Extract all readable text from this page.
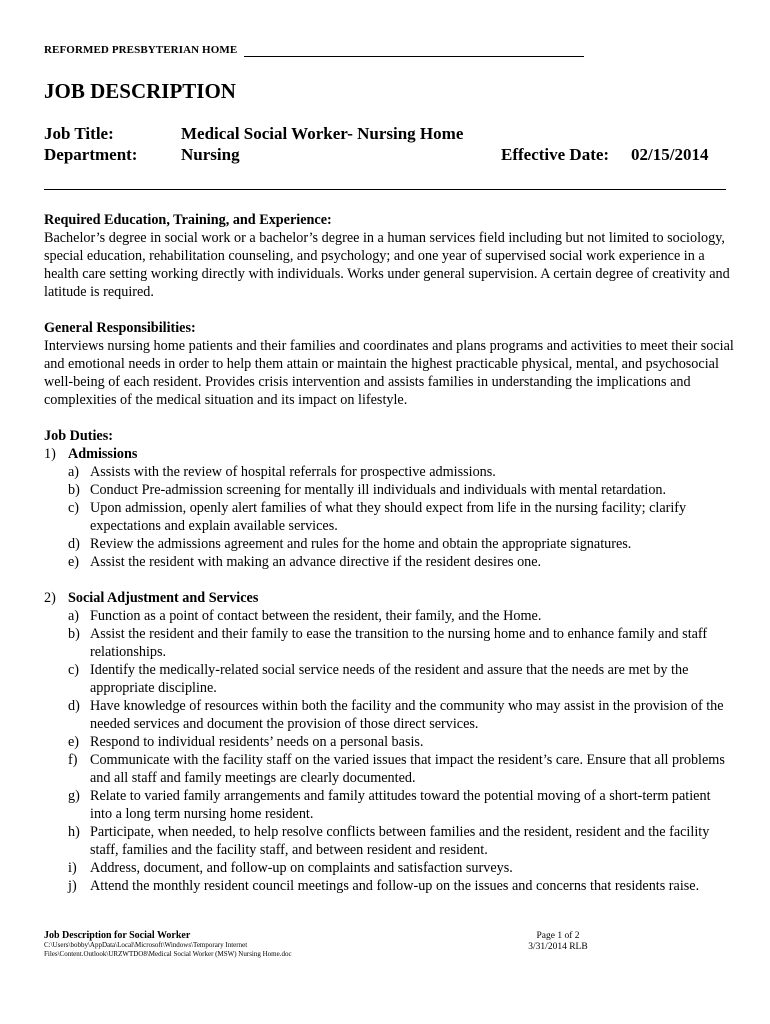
REFORMED PRESBYTERIAN HOME
JOB DESCRIPTION
Job Title:	Medical Social Worker- Nursing Home
Department:	Nursing	Effective Date: 02/15/2014
Required Education, Training, and Experience:

Bachelor’s degree in social work or a bachelor’s degree in a human services field including but not limited to sociology, special education, rehabilitation counseling, and psychology; and one year of supervised social work experience in a health care setting working directly with individuals. Works under general supervision. A certain degree of creativity and latitude is required.

General Responsibilities:

Interviews nursing home patients and their families and coordinates and plans programs and activities to meet their social and emotional needs in order to help them attain or maintain the highest practicable physical, mental, and psychosocial well-being of each resident. Provides crisis intervention and assists families in understanding the implications and complexities of the medical situation and its impact on lifestyle.

Job Duties:
1) Admissions
a) Assists with the review of hospital referrals for prospective admissions.
b) Conduct Pre-admission screening for mentally ill individuals and individuals with mental retardation.
c) Upon admission, openly alert families of what they should expect from life in the nursing facility; clarify expectations and explain available services.
d) Review the admissions agreement and rules for the home and obtain the appropriate signatures.
e) Assist the resident with making an advance directive if the resident desires one.
2) Social Adjustment and Services
a) Function as a point of contact between the resident, their family, and the Home.
b) Assist the resident and their family to ease the transition to the nursing home and to enhance family and staff relationships.
c) Identify the medically-related social service needs of the resident and assure that the needs are met by the appropriate discipline.
d) Have knowledge of resources within both the facility and the community who may assist in the provision of the needed services and document the provision of those direct services.
e) Respond to individual residents’ needs on a personal basis.
f) Communicate with the facility staff on the varied issues that impact the resident’s care. Ensure that all problems and all staff and family meetings are clearly documented.
g) Relate to varied family arrangements and family attitudes toward the potential moving of a short-term patient into a long term nursing home resident.
h) Participate, when needed, to help resolve conflicts between families and the resident, resident and the facility staff, families and the facility staff, and between resident and resident.
i) Address, document, and follow-up on complaints and satisfaction surveys.
j) Attend the monthly resident council meetings and follow-up on the issues and concerns that residents raise.
Job Description for Social Worker
C:\Users\bobby\AppData\Local\Microsoft\Windows\Temporary Internet
Files\Content.Outlook\URZWTDO8\Medical Social Worker (MSW) Nursing Home.doc
Page 1 of 2
3/31/2014 RLB
